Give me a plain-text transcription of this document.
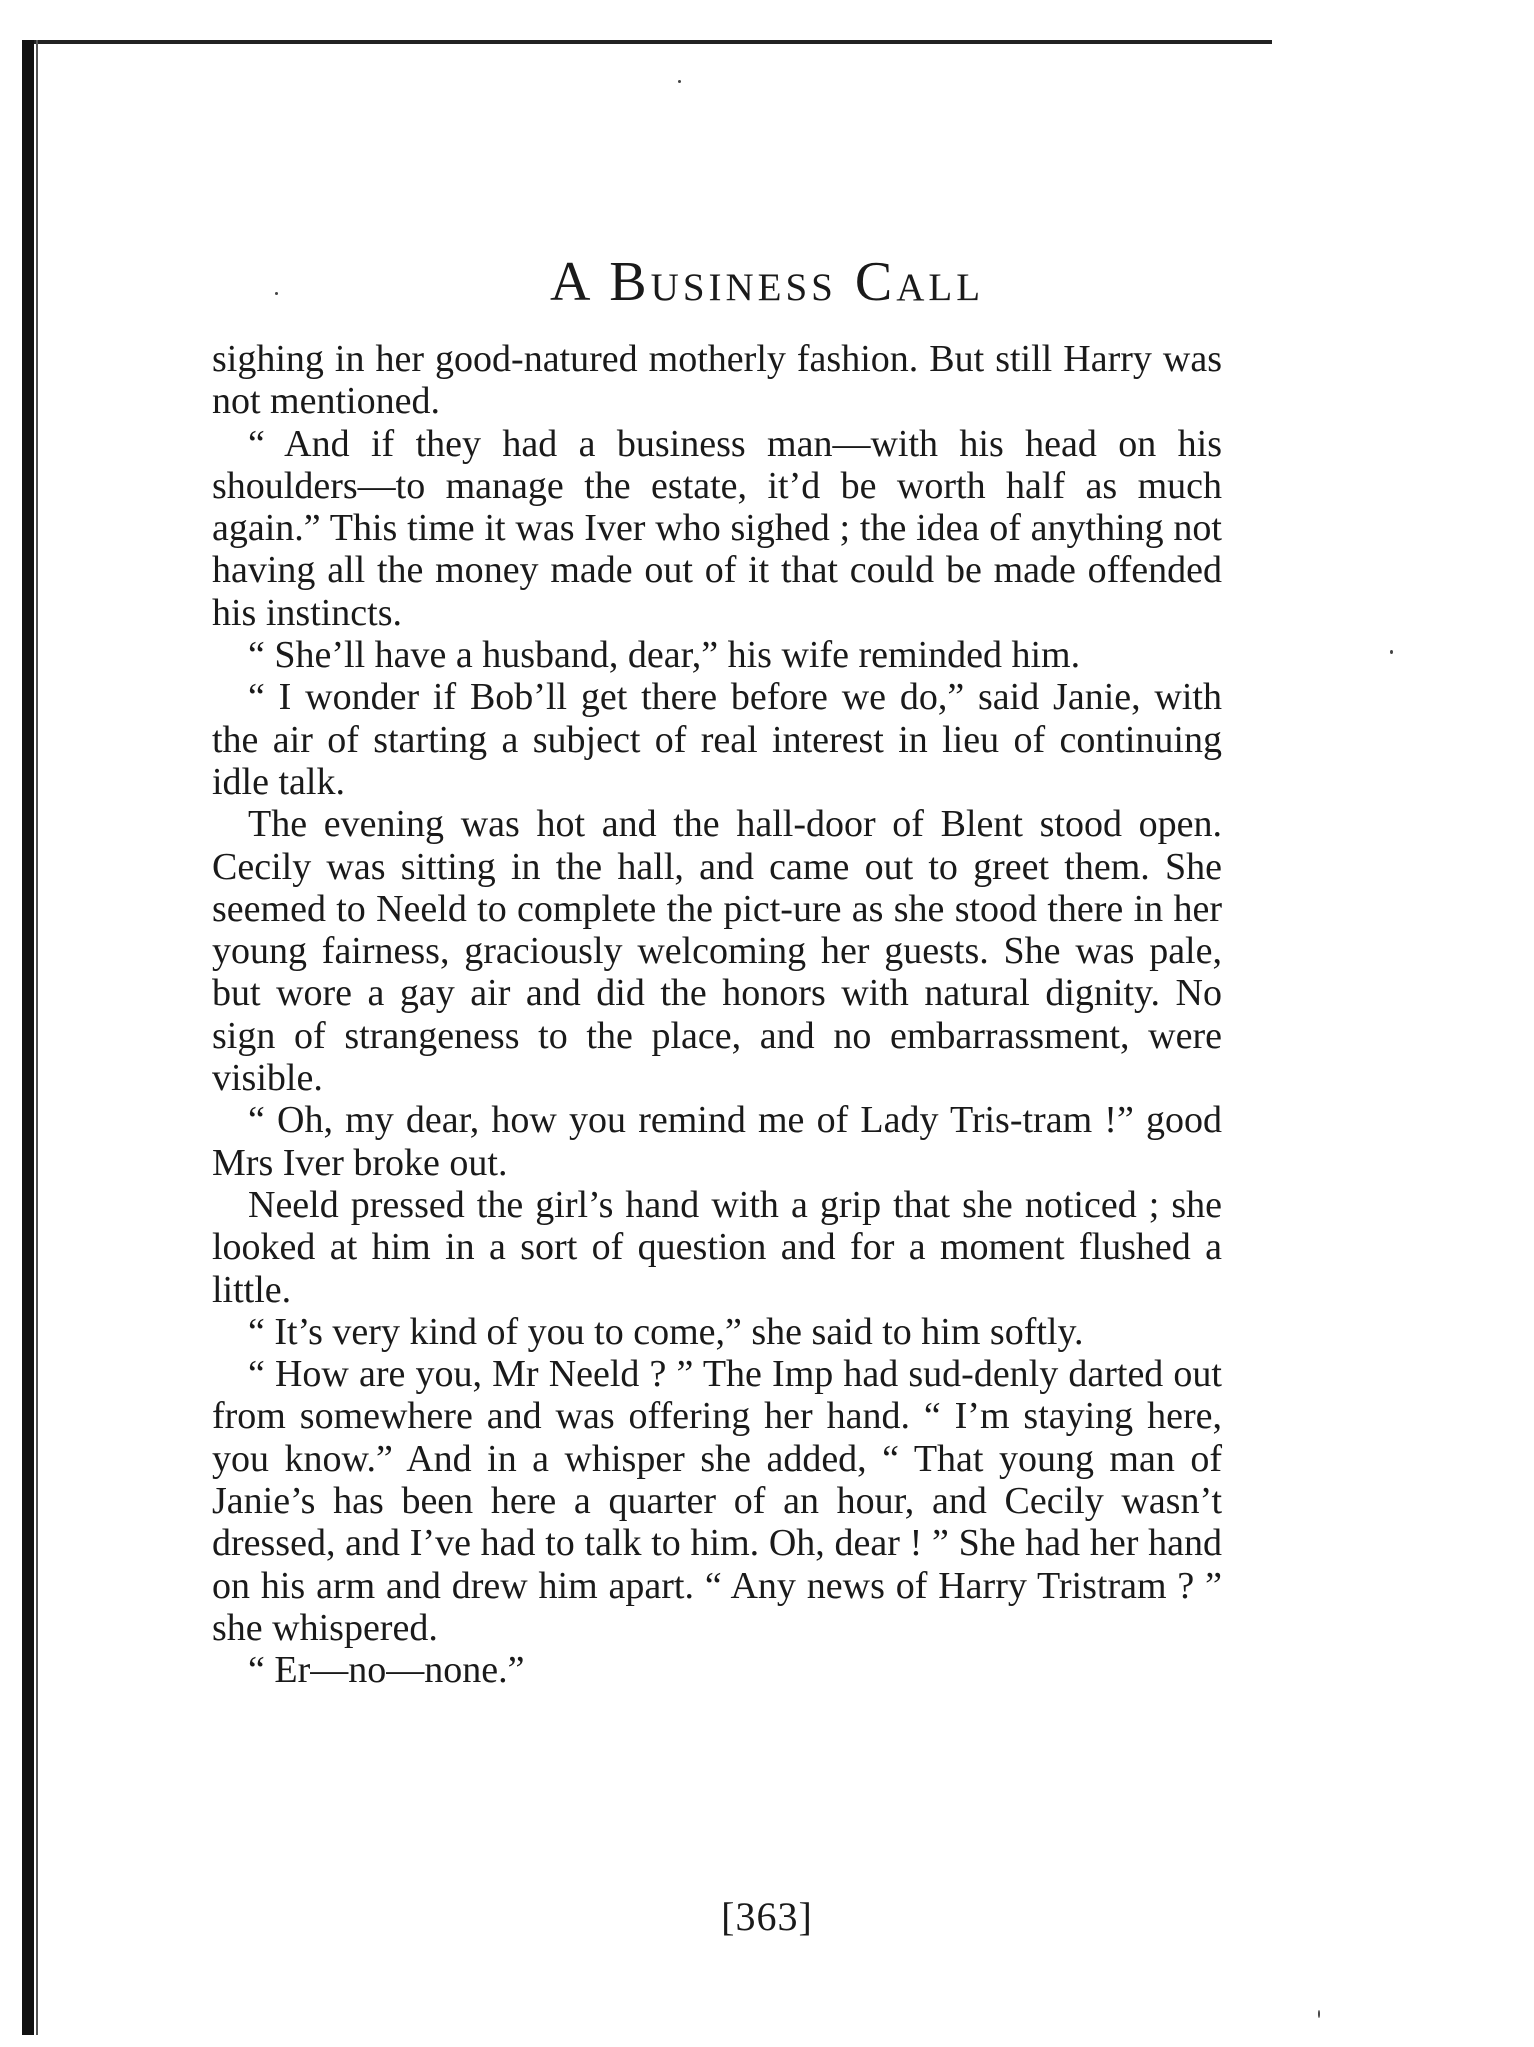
A Business Call

sighing in her good-natured motherly fashion. But still Harry was not mentioned.

“ And if they had a business man—with his head on his shoulders—to manage the estate, it’d be worth half as much again.” This time it was Iver who sighed ; the idea of anything not having all the money made out of it that could be made offended his instincts.

“ She’ll have a husband, dear,” his wife reminded him.

“ I wonder if Bob’ll get there before we do,” said Janie, with the air of starting a subject of real interest in lieu of continuing idle talk.

The evening was hot and the hall-door of Blent stood open. Cecily was sitting in the hall, and came out to greet them. She seemed to Neeld to complete the pict-ure as she stood there in her young fairness, graciously welcoming her guests. She was pale, but wore a gay air and did the honors with natural dignity. No sign of strangeness to the place, and no embarrassment, were visible.

“ Oh, my dear, how you remind me of Lady Tris-tram !” good Mrs Iver broke out.

Neeld pressed the girl’s hand with a grip that she noticed ; she looked at him in a sort of question and for a moment flushed a little.

“ It’s very kind of you to come,” she said to him softly.

“ How are you, Mr Neeld ? ” The Imp had sud-denly darted out from somewhere and was offering her hand. “ I’m staying here, you know.” And in a whisper she added, “ That young man of Janie’s has been here a quarter of an hour, and Cecily wasn’t dressed, and I’ve had to talk to him. Oh, dear ! ” She had her hand on his arm and drew him apart. “ Any news of Harry Tristram ? ” she whispered.

“ Er—no—none.”

[363]
